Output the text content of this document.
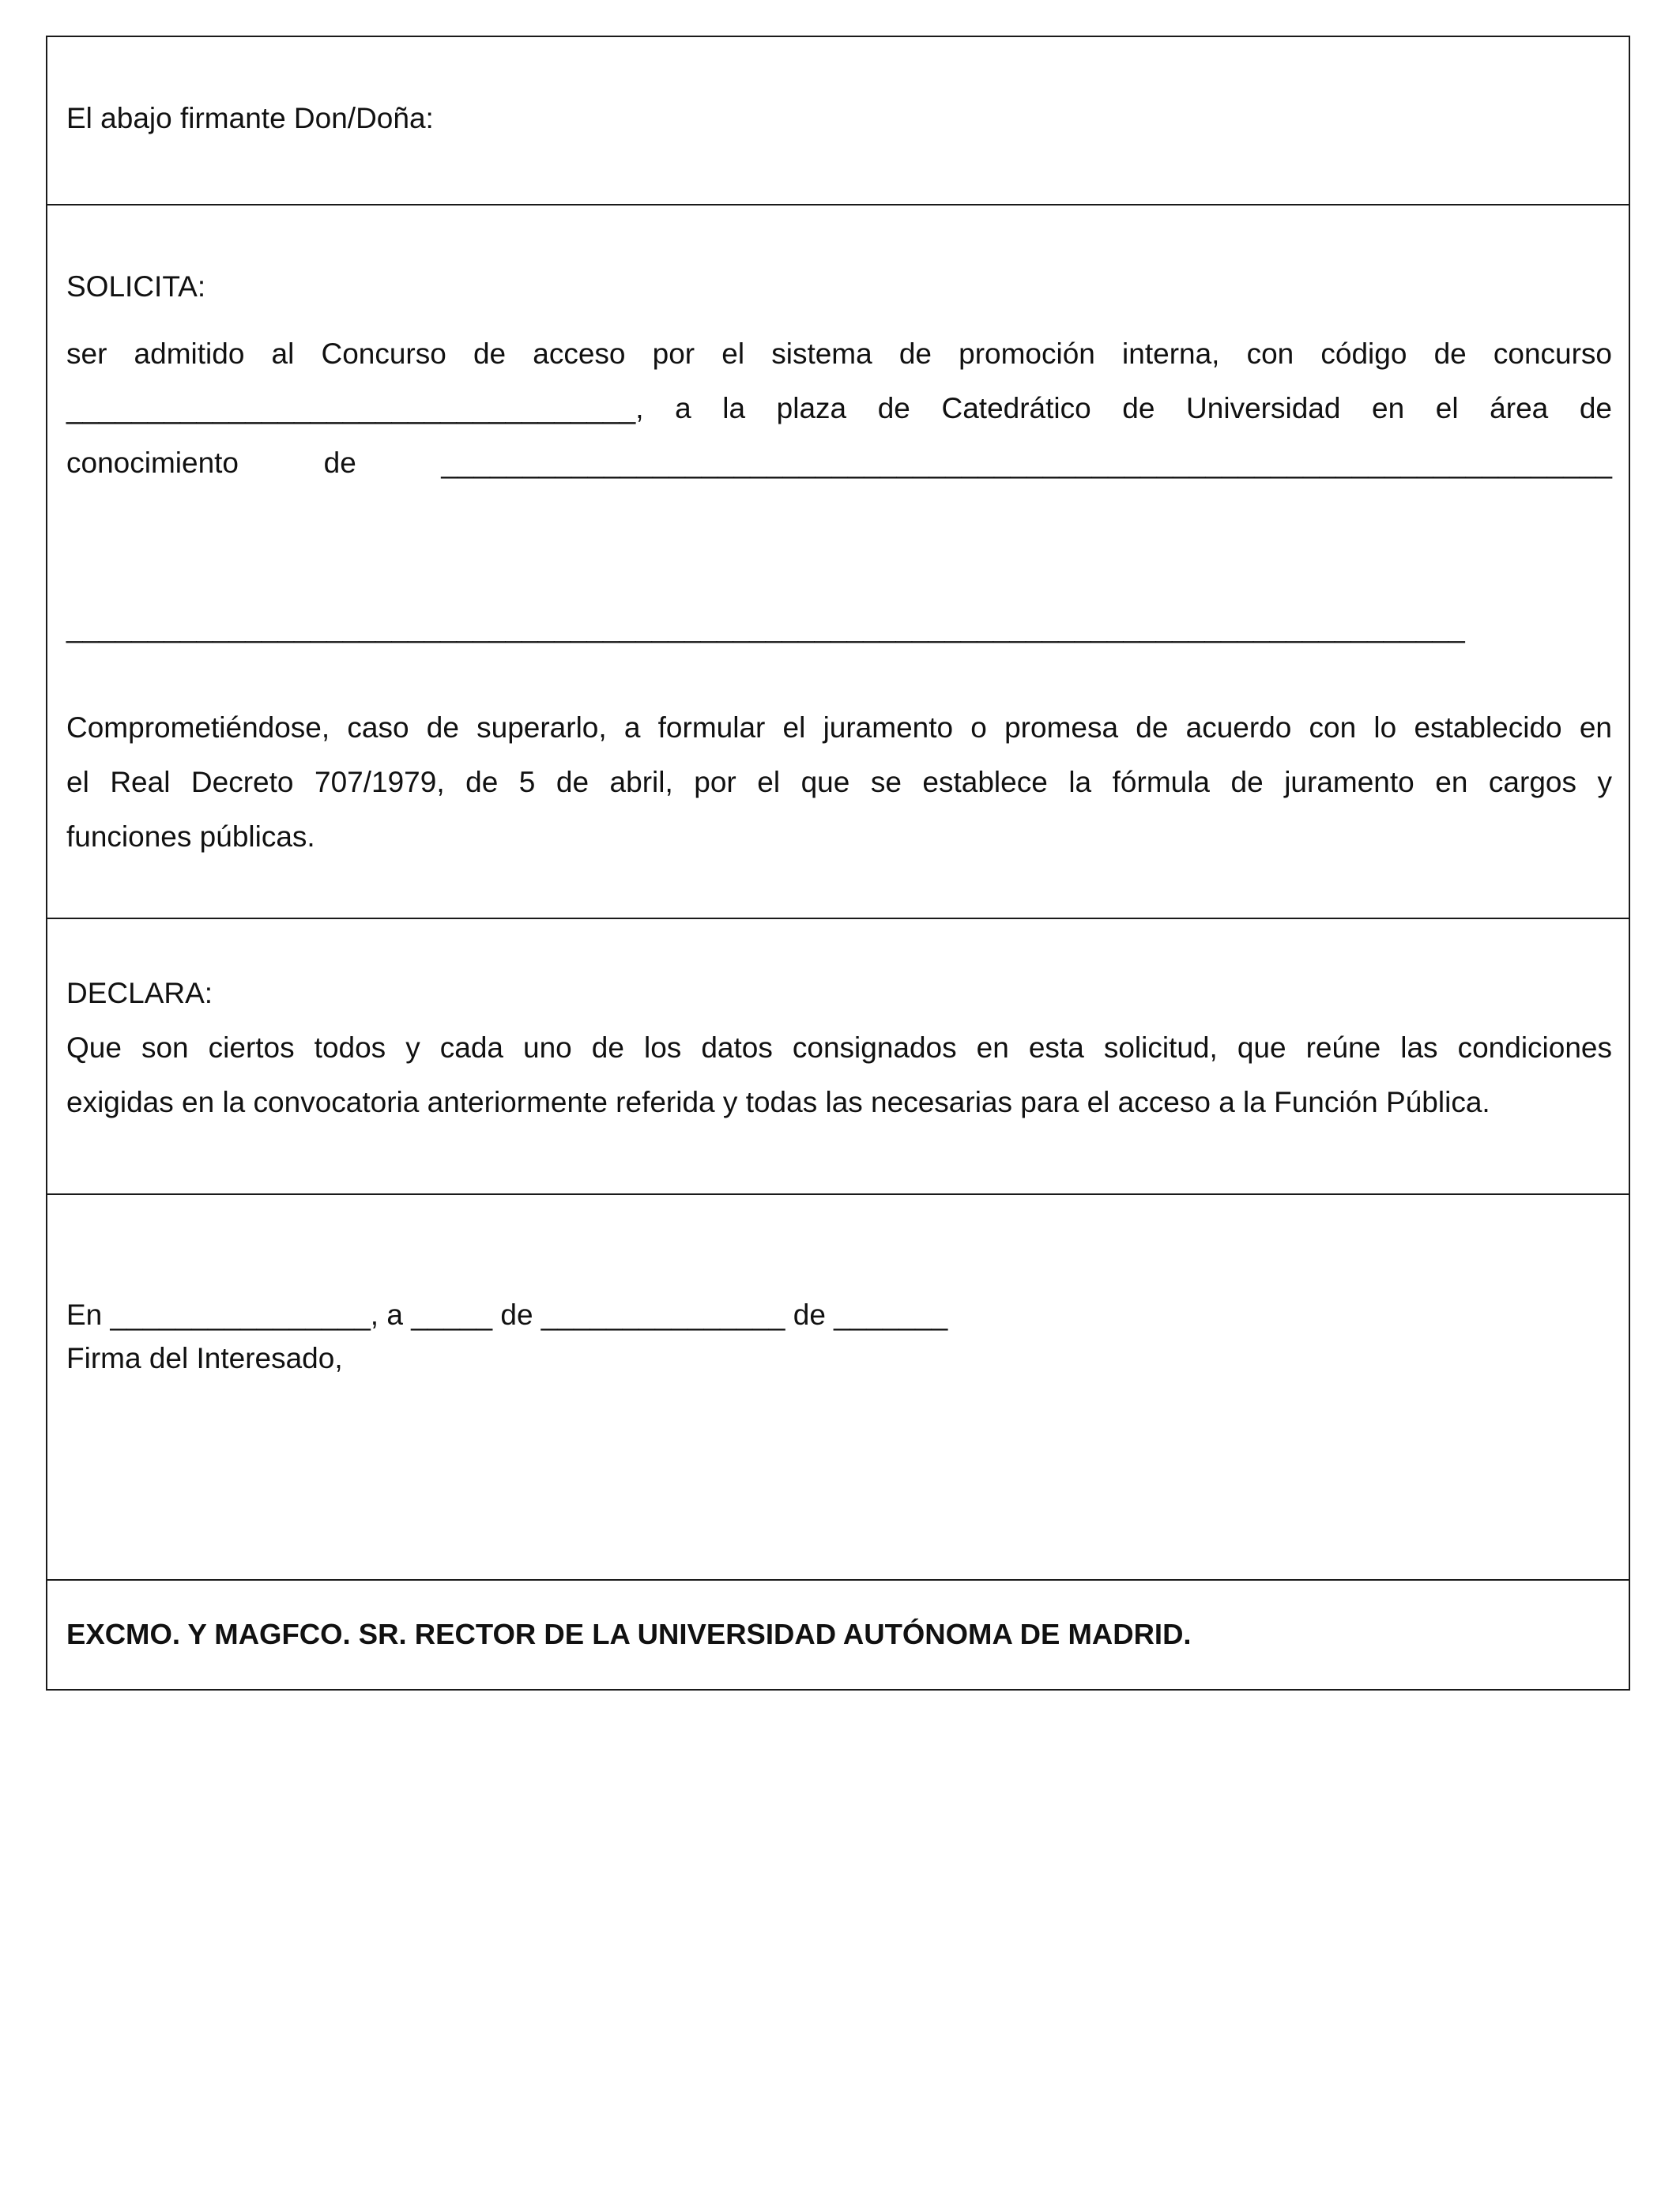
El abajo firmante Don/Doña:
SOLICITA:
ser admitido al Concurso de acceso por el sistema de promoción interna, con código de concurso
___________________________________, a la plaza de Catedrático de Universidad en el área de
conocimiento de ________________________________________________________________________
______________________________________________________________________________________
Comprometiéndose, caso de superarlo, a formular el juramento o promesa de acuerdo con lo establecido en
el Real Decreto 707/1979, de 5 de abril, por el que se establece la fórmula de juramento en cargos y
funciones públicas.
DECLARA:
Que son ciertos todos y cada uno de los datos consignados en esta solicitud, que reúne las condiciones
exigidas en la convocatoria anteriormente referida y todas las necesarias para el acceso a la Función Pública.
En ________________, a _____ de _______________ de _______
Firma del Interesado,
EXCMO. Y MAGFCO. SR. RECTOR DE LA UNIVERSIDAD AUTÓNOMA DE MADRID.
